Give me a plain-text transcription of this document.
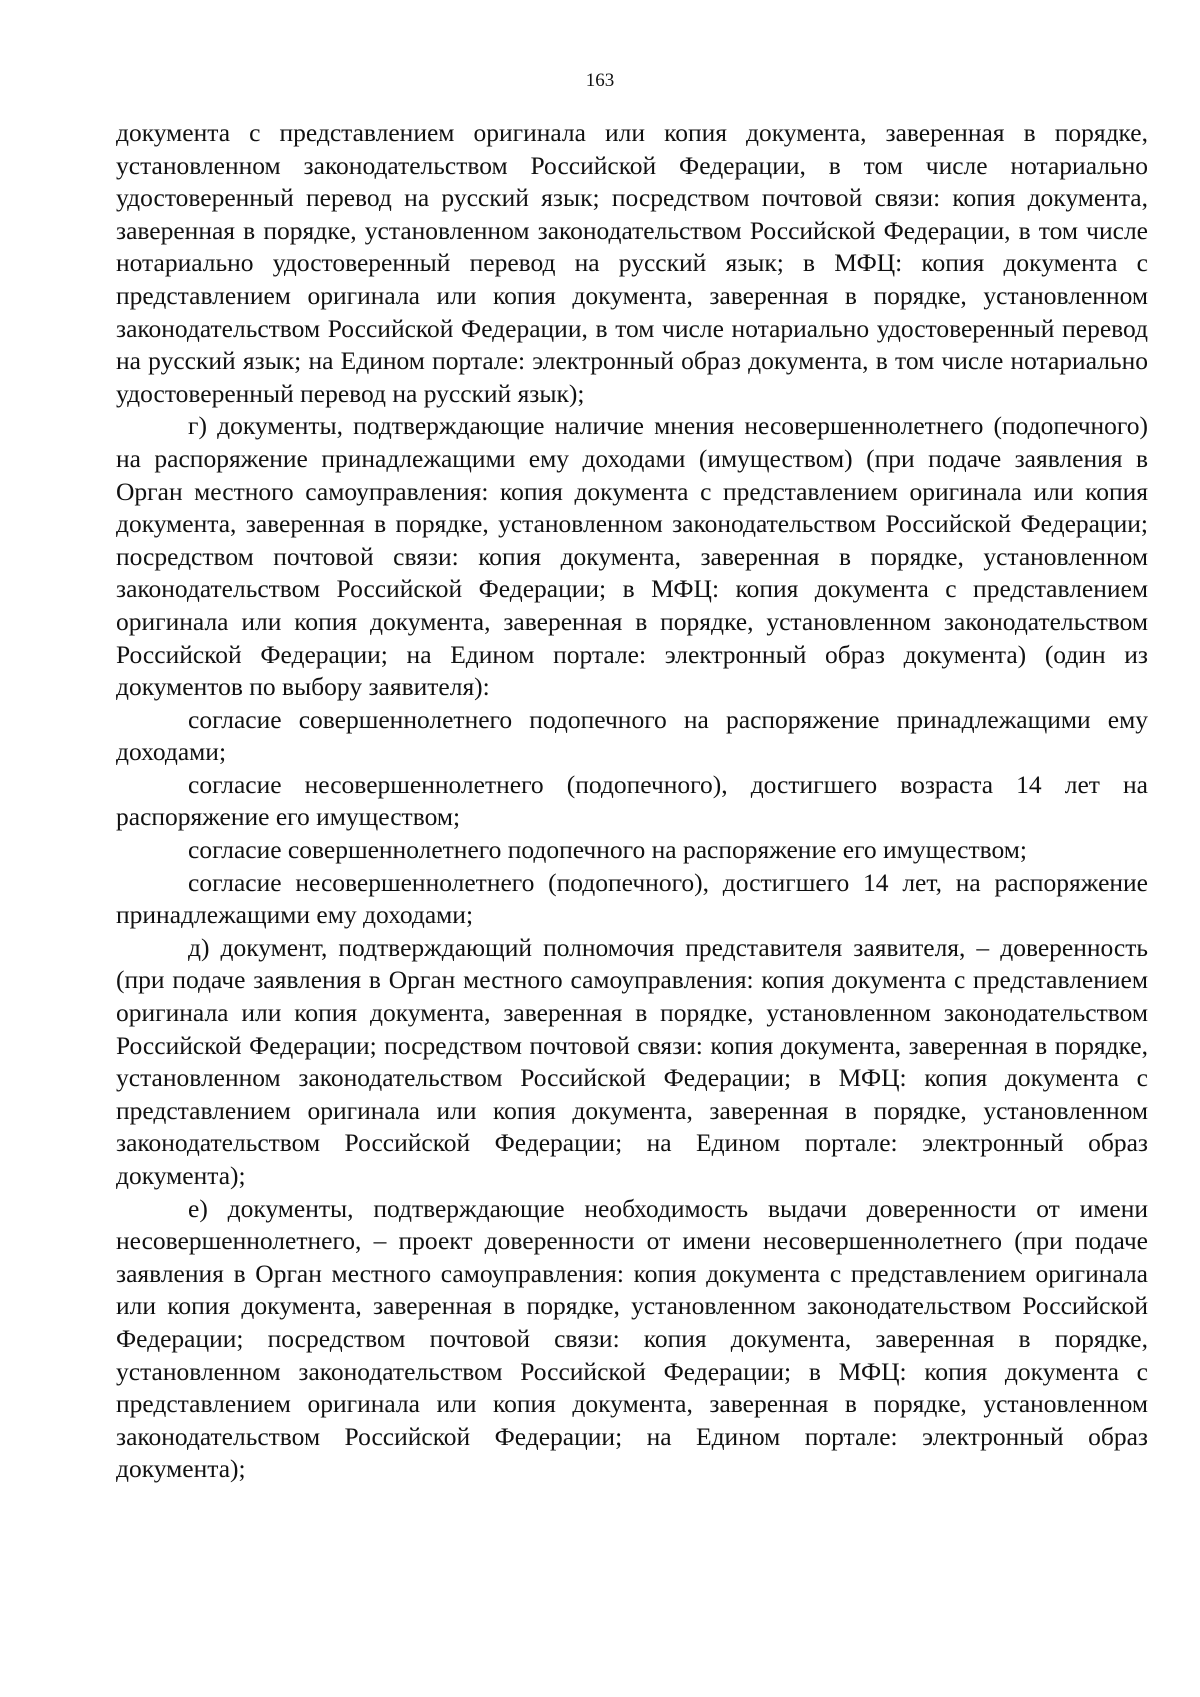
163

документа с представлением оригинала или копия документа, заверенная в порядке, установленном законодательством Российской Федерации, в том числе нотариально удостоверенный перевод на русский язык; посредством почтовой связи: копия документа, заверенная в порядке, установленном законодательством Российской Федерации, в том числе нотариально удостоверенный перевод на русский язык; в МФЦ: копия документа с представлением оригинала или копия документа, заверенная в порядке, установленном законодательством Российской Федерации, в том числе нотариально удостоверенный перевод на русский язык; на Едином портале: электронный образ документа, в том числе нотариально удостоверенный перевод на русский язык);

г) документы, подтверждающие наличие мнения несовершеннолетнего (подопечного) на распоряжение принадлежащими ему доходами (имуществом) (при подаче заявления в Орган местного самоуправления: копия документа с представлением оригинала или копия документа, заверенная в порядке, установленном законодательством Российской Федерации; посредством почтовой связи: копия документа, заверенная в порядке, установленном законодательством Российской Федерации; в МФЦ: копия документа с представлением оригинала или копия документа, заверенная в порядке, установленном законодательством Российской Федерации; на Едином портале: электронный образ документа) (один из документов по выбору заявителя):

согласие совершеннолетнего подопечного на распоряжение принадлежащими ему доходами;

согласие несовершеннолетнего (подопечного), достигшего возраста 14 лет на распоряжение его имуществом;

согласие совершеннолетнего подопечного на распоряжение его имуществом;

согласие несовершеннолетнего (подопечного), достигшего 14 лет, на распоряжение принадлежащими ему доходами;

д) документ, подтверждающий полномочия представителя заявителя, – доверенность (при подаче заявления в Орган местного самоуправления: копия документа с представлением оригинала или копия документа, заверенная в порядке, установленном законодательством Российской Федерации; посредством почтовой связи: копия документа, заверенная в порядке, установленном законодательством Российской Федерации; в МФЦ: копия документа с представлением оригинала или копия документа, заверенная в порядке, установленном законодательством Российской Федерации; на Едином портале: электронный образ документа);

е) документы, подтверждающие необходимость выдачи доверенности от имени несовершеннолетнего, – проект доверенности от имени несовершеннолетнего (при подаче заявления в Орган местного самоуправления: копия документа с представлением оригинала или копия документа, заверенная в порядке, установленном законодательством Российской Федерации; посредством почтовой связи: копия документа, заверенная в порядке, установленном законодательством Российской Федерации; в МФЦ: копия документа с представлением оригинала или копия документа, заверенная в порядке, установленном законодательством Российской Федерации; на Едином портале: электронный образ документа);
